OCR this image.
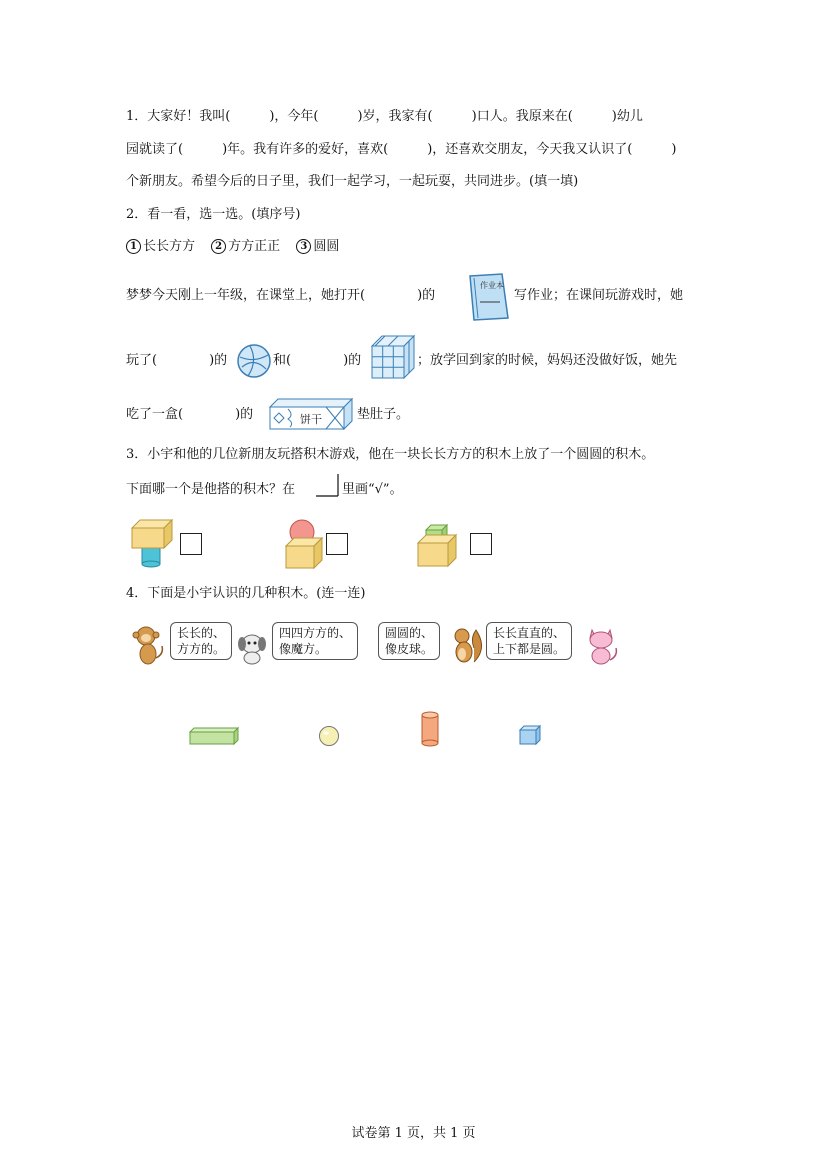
1．大家好！我叫(　　　)，今年(　　　)岁，我家有(　　　)口人。我原来在(　　　)幼儿
园就读了(　　　)年。我有许多的爱好，喜欢(　　　)，还喜欢交朋友，今天我又认识了(　　　)
个新朋友。希望今后的日子里，我们一起学习，一起玩耍，共同进步。(填一填)
2．看一看，选一选。(填序号)
1 长长方方 2 方方正正 3 圆圆
梦梦今天刚上一年级，在课堂上，她打开(　　　　)的
作业本
写作业；在课间玩游戏时，她
玩了(　　　　)的	和(　　　　)的	；放学回到家的时候，妈妈还没做好饭，她先
吃了一盒(　　　　)的	饼干	垫肚子。
3．小宇和他的几位新朋友玩搭积木游戏，他在一块长长方方的积木上放了一个圆圆的积木。
下面哪一个是他搭的积木？在	里画“√”。
4．下面是小宇认识的几种积木。(连一连)
长长的、
方方的。
四四方方的、
像魔方。
圆圆的、
像皮球。
长长直直的、
上下都是圆。
试卷第 1 页，共 1 页
